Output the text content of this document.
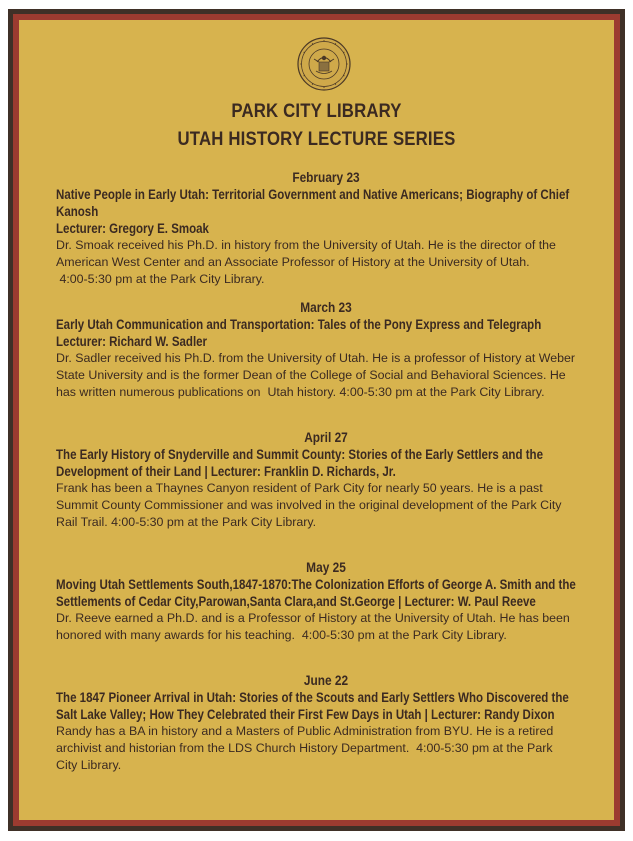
PARK CITY LIBRARY
UTAH HISTORY LECTURE SERIES
February 23
Native People in Early Utah: Territorial Government and Native Americans; Biography of Chief Kanosh
Lecturer: Gregory E. Smoak
Dr. Smoak received his Ph.D. in history from the University of Utah. He is the director of the
American West Center and an Associate Professor of History at the University of Utah.
4:00-5:30 pm at the Park City Library.
March 23
Early Utah Communication and Transportation: Tales of the Pony Express and Telegraph
Lecturer: Richard W. Sadler
Dr. Sadler received his Ph.D. from the University of Utah. He is a professor of History at Weber
State University and is the former Dean of the College of Social and Behavioral Sciences. He
has written numerous publications on  Utah history. 4:00-5:30 pm at the Park City Library.
April 27
The Early History of Snyderville and Summit County: Stories of the Early Settlers and the
Development of their Land | Lecturer: Franklin D. Richards, Jr.
Frank has been a Thaynes Canyon resident of Park City for nearly 50 years. He is a past
Summit County Commissioner and was involved in the original development of the Park City
Rail Trail. 4:00-5:30 pm at the Park City Library.
May 25
Moving Utah Settlements South,1847-1870:The Colonization Efforts of George A. Smith and the
Settlements of Cedar City,Parowan,Santa Clara,and St.George | Lecturer: W. Paul Reeve
Dr. Reeve earned a Ph.D. and is a Professor of History at the University of Utah. He has been
honored with many awards for his teaching.  4:00-5:30 pm at the Park City Library.
June 22
The 1847 Pioneer Arrival in Utah: Stories of the Scouts and Early Settlers Who Discovered the
Salt Lake Valley; How They Celebrated their First Few Days in Utah | Lecturer: Randy Dixon
Randy has a BA in history and a Masters of Public Administration from BYU. He is a retired
archivist and historian from the LDS Church History Department.  4:00-5:30 pm at the Park
City Library.
